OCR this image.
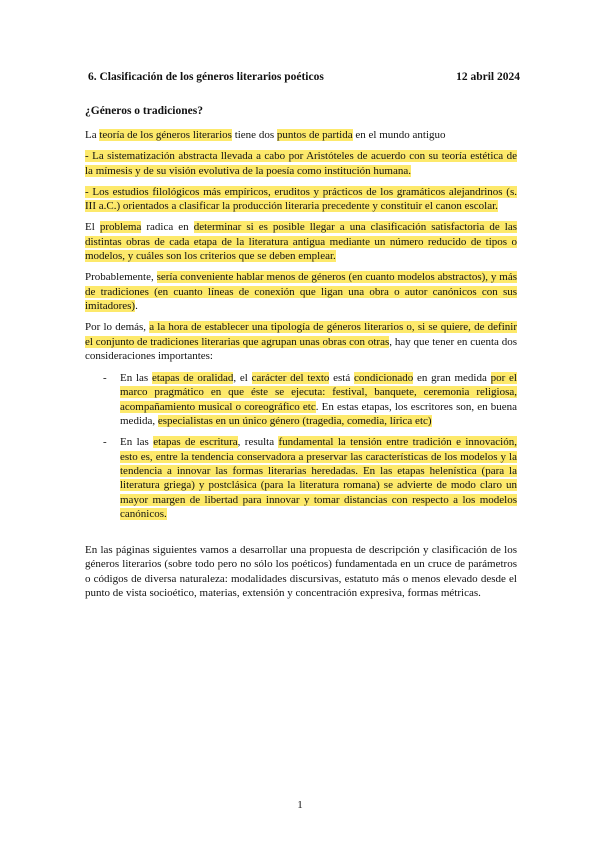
6. Clasificación de los géneros literarios poéticos	12 abril 2024
¿Géneros o tradiciones?

La teoría de los géneros literarios tiene dos puntos de partida en el mundo antiguo

- La sistematización abstracta llevada a cabo por Aristóteles de acuerdo con su teoría estética de la mímesis y de su visión evolutiva de la poesía como institución humana.

- Los estudios filológicos más empíricos, eruditos y prácticos de los gramáticos alejandrinos (s. III a.C.) orientados a clasificar la producción literaria precedente y constituir el canon escolar.

El problema radica en determinar si es posible llegar a una clasificación satisfactoria de las distintas obras de cada etapa de la literatura antigua mediante un número reducido de tipos o modelos, y cuáles son los criterios que se deben emplear.

Probablemente, sería conveniente hablar menos de géneros (en cuanto modelos abstractos), y más de tradiciones (en cuanto líneas de conexión que ligan una obra o autor canónicos con sus imitadores).

Por lo demás, a la hora de establecer una tipología de géneros literarios o, si se quiere, de definir el conjunto de tradiciones literarias que agrupan unas obras con otras, hay que tener en cuenta dos consideraciones importantes:

- En las etapas de oralidad, el carácter del texto está condicionado en gran medida por el marco pragmático en que éste se ejecuta: festival, banquete, ceremonia religiosa, acompañamiento musical o coreográfico etc. En estas etapas, los escritores son, en buena medida, especialistas en un único género (tragedia, comedia, lírica etc)
- En las etapas de escritura, resulta fundamental la tensión entre tradición e innovación, esto es, entre la tendencia conservadora a preservar las características de los modelos y la tendencia a innovar las formas literarias heredadas. En las etapas helenística (para la literatura griega) y postclásica (para la literatura romana) se advierte de modo claro un mayor margen de libertad para innovar y tomar distancias con respecto a los modelos canónicos.

En las páginas siguientes vamos a desarrollar una propuesta de descripción y clasificación de los géneros literarios (sobre todo pero no sólo los poéticos) fundamentada en un cruce de parámetros o códigos de diversa naturaleza: modalidades discursivas, estatuto más o menos elevado desde el punto de vista socioético, materias, extensión y concentración expresiva, formas métricas.

1
